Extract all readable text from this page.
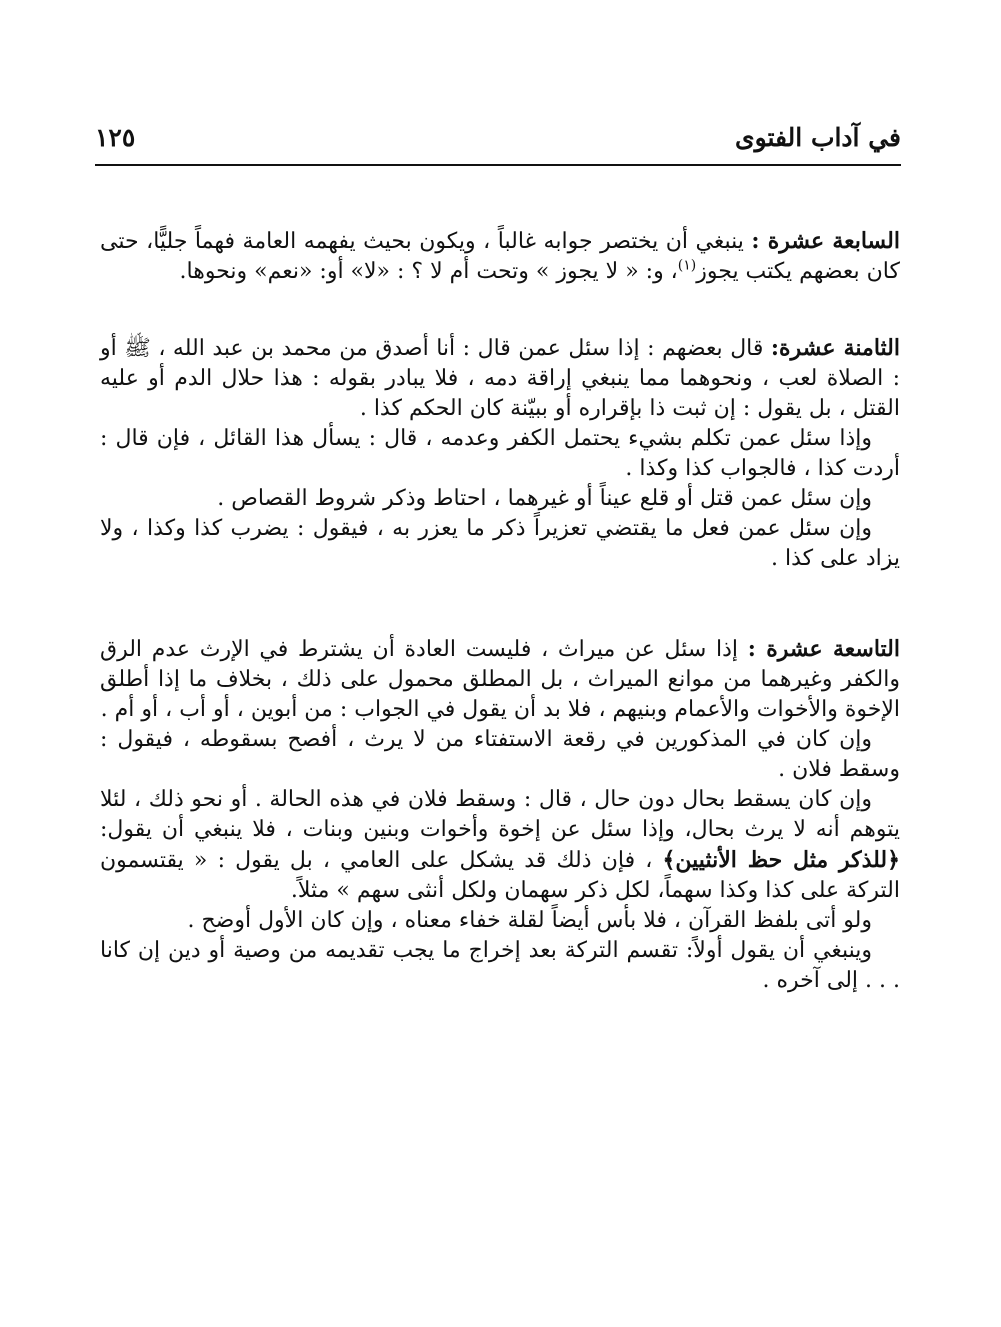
في آداب الفتوى
١٢٥

السابعة عشرة : ينبغي أن يختصر جوابه غالباً ، ويكون بحيث يفهمه العامة فهماً جليًّا، حتى كان بعضهم يكتب يجوز$^{(١)}$، و: « لا يجوز » وتحت أم لا ؟ : «لا» أو: «نعم» ونحوها.

الثامنة عشرة: قال بعضهم : إذا سئل عمن قال : أنا أصدق من محمد بن عبد الله ، ﷺ أو : الصلاة لعب ، ونحوهما مما ينبغي إراقة دمه ، فلا يبادر بقوله : هذا حلال الدم أو عليه القتل ، بل يقول : إن ثبت ذا بإقراره أو ببيّنة كان الحكم كذا .

وإذا سئل عمن تكلم بشيء يحتمل الكفر وعدمه ، قال : يسأل هذا القائل ، فإن قال : أردت كذا ، فالجواب كذا وكذا .

وإن سئل عمن قتل أو قلع عيناً أو غيرهما ، احتاط وذكر شروط القصاص .

وإن سئل عمن فعل ما يقتضي تعزيراً ذكر ما يعزر به ، فيقول : يضرب كذا وكذا ، ولا يزاد على كذا .

التاسعة عشرة : إذا سئل عن ميراث ، فليست العادة أن يشترط في الإرث عدم الرق والكفر وغيرهما من موانع الميراث ، بل المطلق محمول على ذلك ، بخلاف ما إذا أطلق الإخوة والأخوات والأعمام وبنيهم ، فلا بد أن يقول في الجواب : من أبوين ، أو أب ، أو أم .

وإن كان في المذكورين في رقعة الاستفتاء من لا يرث ، أفصح بسقوطه ، فيقول : وسقط فلان .

وإن كان يسقط بحال دون حال ، قال : وسقط فلان في هذه الحالة . أو نحو ذلك ، لئلا يتوهم أنه لا يرث بحال، وإذا سئل عن إخوة وأخوات وبنين وبنات ، فلا ينبغي أن يقول: ﴿للذكر مثل حظ الأنثيين﴾ ، فإن ذلك قد يشكل على العامي ، بل يقول : « يقتسمون التركة على كذا وكذا سهماً، لكل ذكر سهمان ولكل أنثى سهم » مثلاً.

ولو أتى بلفظ القرآن ، فلا بأس أيضاً لقلة خفاء معناه ، وإن كان الأول أوضح .

وينبغي أن يقول أولاً: تقسم التركة بعد إخراج ما يجب تقديمه من وصية أو دين إن كانا . . . إلى آخره .
